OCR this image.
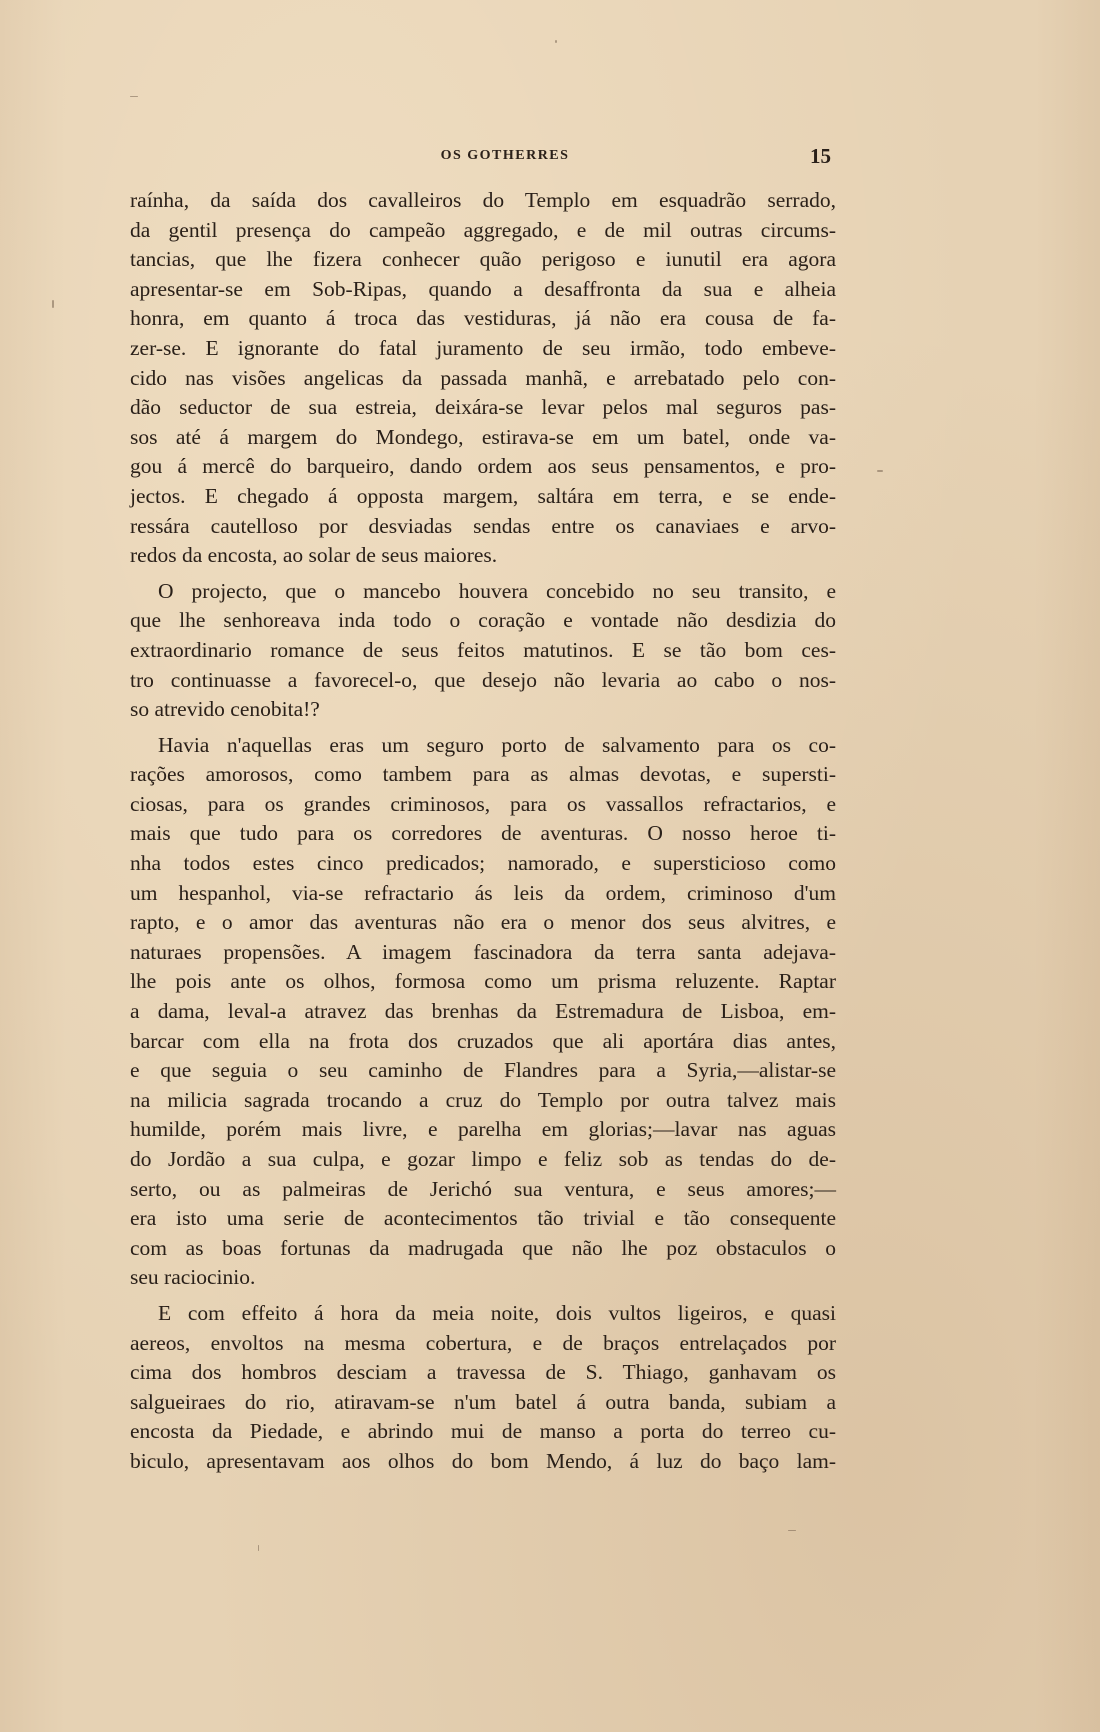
OS GOTHERRES	15
raínha, da saída dos cavalleiros do Templo em esquadrão serrado,
da gentil presença do campeão aggregado, e de mil outras circums-
tancias, que lhe fizera conhecer quão perigoso e iunutil era agora
apresentar-se em Sob-Ripas, quando a desaffronta da sua e alheia
honra, em quanto á troca das vestiduras, já não era cousa de fa-
zer-se. E ignorante do fatal juramento de seu irmão, todo embeve-
cido nas visões angelicas da passada manhã, e arrebatado pelo con-
dão seductor de sua estreia, deixára-se levar pelos mal seguros pas-
sos até á margem do Mondego, estirava-se em um batel, onde va-
gou á mercê do barqueiro, dando ordem aos seus pensamentos, e pro-
jectos. E chegado á opposta margem, saltára em terra, e se ende-
ressára cautelloso por desviadas sendas entre os canaviaes e arvo-
redos da encosta, ao solar de seus maiores.
O projecto, que o mancebo houvera concebido no seu transito, e
que lhe senhoreava inda todo o coração e vontade não desdizia do
extraordinario romance de seus feitos matutinos. E se tão bom ces-
tro continuasse a favorecel-o, que desejo não levaria ao cabo o nos-
so atrevido cenobita!?
Havia n'aquellas eras um seguro porto de salvamento para os co-
rações amorosos, como tambem para as almas devotas, e supersti-
ciosas, para os grandes criminosos, para os vassallos refractarios, e
mais que tudo para os corredores de aventuras. O nosso heroe ti-
nha todos estes cinco predicados; namorado, e supersticioso como
um hespanhol, via-se refractario ás leis da ordem, criminoso d'um
rapto, e o amor das aventuras não era o menor dos seus alvitres, e
naturaes propensões. A imagem fascinadora da terra santa adejava-
lhe pois ante os olhos, formosa como um prisma reluzente. Raptar
a dama, leval-a atravez das brenhas da Estremadura de Lisboa, em-
barcar com ella na frota dos cruzados que ali aportára dias antes,
e que seguia o seu caminho de Flandres para a Syria,—alistar-se
na milicia sagrada trocando a cruz do Templo por outra talvez mais
humilde, porém mais livre, e parelha em glorias;—lavar nas aguas
do Jordão a sua culpa, e gozar limpo e feliz sob as tendas do de-
serto, ou as palmeiras de Jerichó sua ventura, e seus amores;—
era isto uma serie de acontecimentos tão trivial e tão consequente
com as boas fortunas da madrugada que não lhe poz obstaculos o
seu raciocinio.
E com effeito á hora da meia noite, dois vultos ligeiros, e quasi
aereos, envoltos na mesma cobertura, e de braços entrelaçados por
cima dos hombros desciam a travessa de S. Thiago, ganhavam os
salgueiraes do rio, atiravam-se n'um batel á outra banda, subiam a
encosta da Piedade, e abrindo mui de manso a porta do terreo cu-
biculo, apresentavam aos olhos do bom Mendo, á luz do baço lam-
